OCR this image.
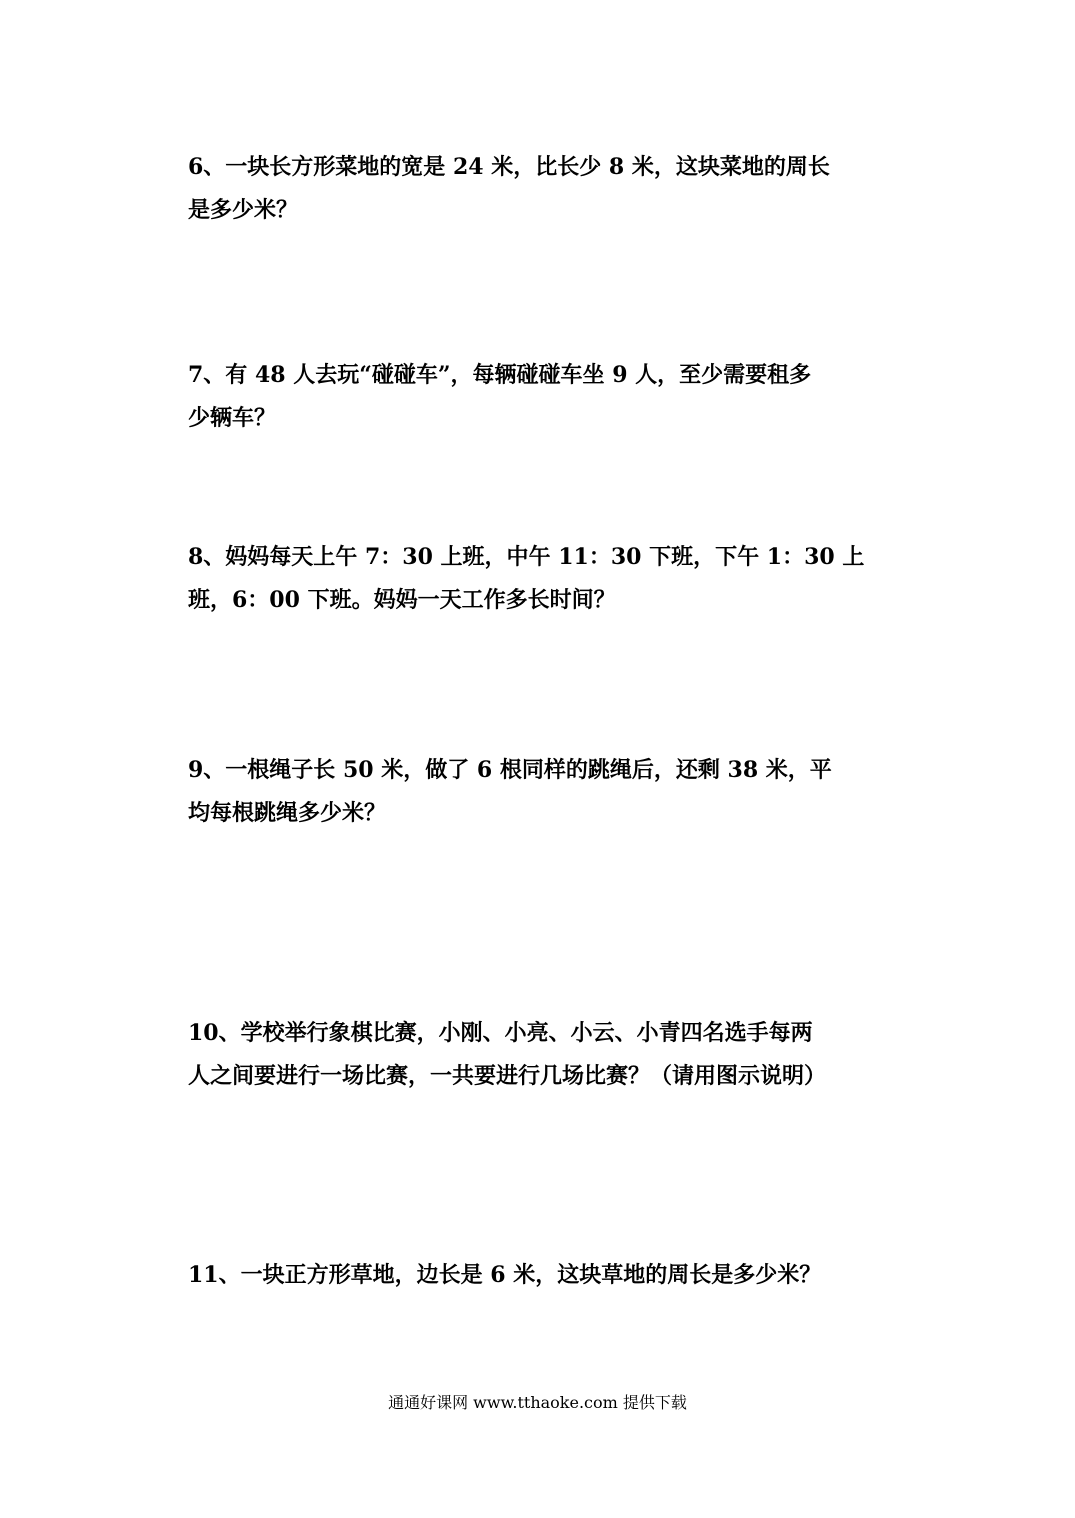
6、一块长方形菜地的宽是 24 米，比长少 8 米，这块菜地的周长
是多少米？
7、有 48 人去玩“碰碰车”，每辆碰碰车坐 9 人，至少需要租多
少辆车？
8、妈妈每天上午 7：30 上班，中午 11：30 下班，下午 1：30 上
班，6：00 下班。妈妈一天工作多长时间？
9、一根绳子长 50 米，做了 6 根同样的跳绳后，还剩 38 米，平
均每根跳绳多少米？
10、学校举行象棋比赛，小刚、小亮、小云、小青四名选手每两
人之间要进行一场比赛，一共要进行几场比赛？（请用图示说明）
11、一块正方形草地，边长是 6 米，这块草地的周长是多少米？
通通好课网 www.tthaoke.com 提供下载
